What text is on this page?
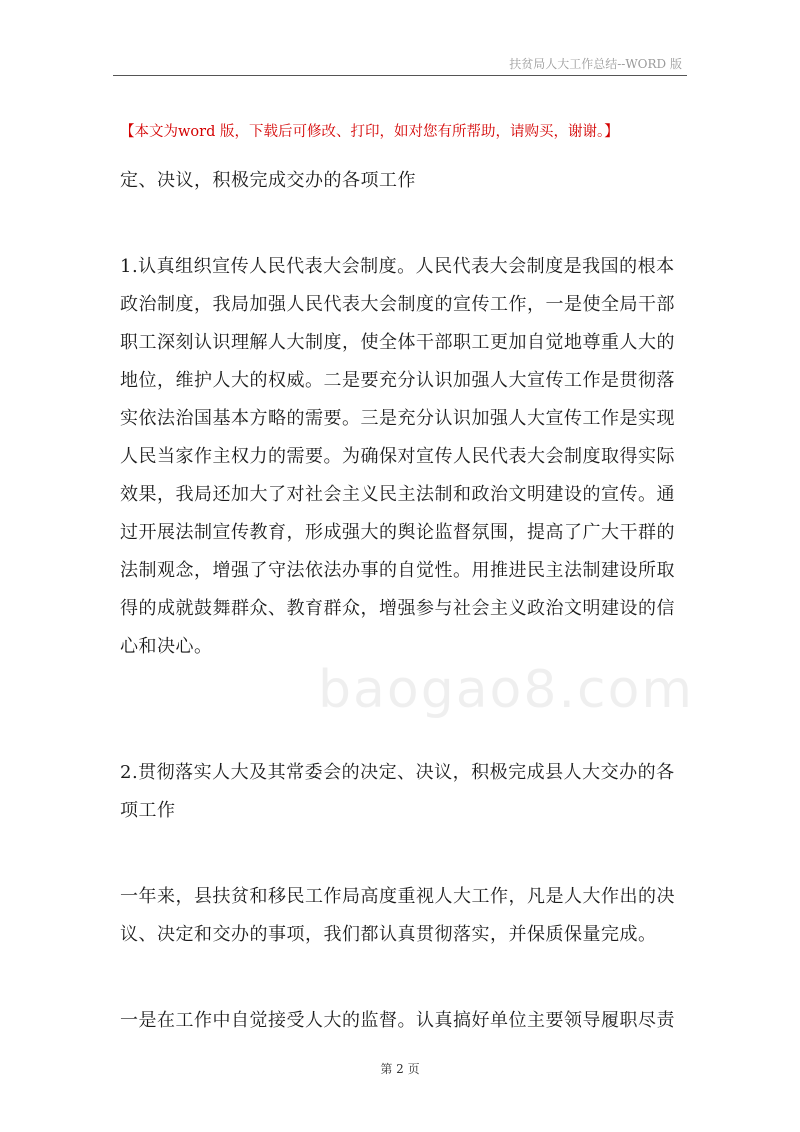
扶贫局人大工作总结--WORD 版
【本文为word 版，下载后可修改、打印，如对您有所帮助，请购买，谢谢。】
baogao8.com

定、决议，积极完成交办的各项工作

1.认真组织宣传人民代表大会制度。人民代表大会制度是我国的根本政治制度，我局加强人民代表大会制度的宣传工作，一是使全局干部职工深刻认识理解人大制度，使全体干部职工更加自觉地尊重人大的地位，维护人大的权威。二是要充分认识加强人大宣传工作是贯彻落实依法治国基本方略的需要。三是充分认识加强人大宣传工作是实现人民当家作主权力的需要。为确保对宣传人民代表大会制度取得实际效果，我局还加大了对社会主义民主法制和政治文明建设的宣传。通过开展法制宣传教育，形成强大的舆论监督氛围，提高了广大干群的法制观念，增强了守法依法办事的自觉性。用推进民主法制建设所取得的成就鼓舞群众、教育群众，增强参与社会主义政治文明建设的信心和决心。

2.贯彻落实人大及其常委会的决定、决议，积极完成县人大交办的各项工作

一年来，县扶贫和移民工作局高度重视人大工作，凡是人大作出的决议、决定和交办的事项，我们都认真贯彻落实，并保质保量完成。

一是在工作中自觉接受人大的监督。认真搞好单位主要领导履职尽责

第 2 页
